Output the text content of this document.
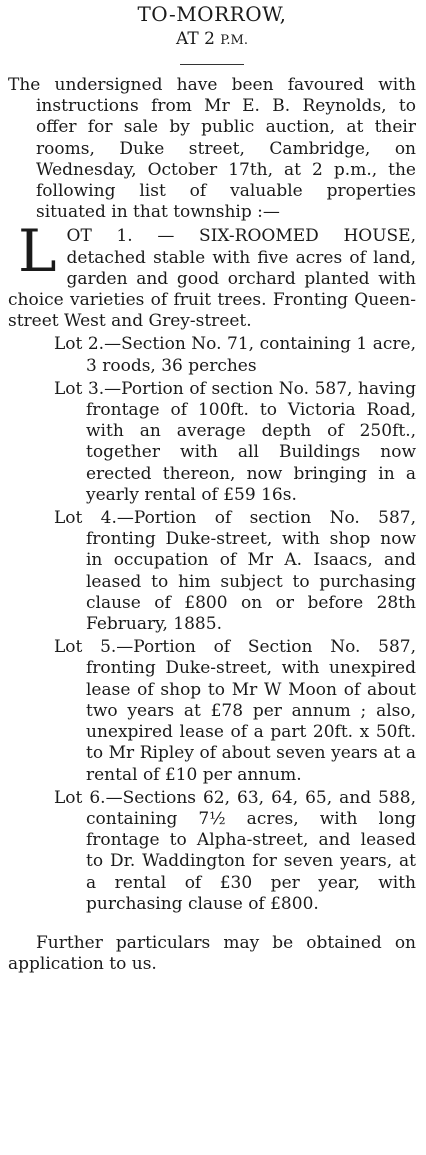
TO-MORROW,
AT 2 P.M.

The undersigned have been favoured with instructions from Mr E. B. Reynolds, to offer for sale by public auction, at their rooms, Duke street, Cambridge, on Wednesday, October 17th, at 2 p.m., the following list of valuable properties situated in that township :—

L OT 1. — SIX-ROOMED HOUSE, detached stable with five acres of land, garden and good orchard planted with choice varieties of fruit trees. Fronting Queen-street West and Grey-street.

Lot 2.—Section No. 71, containing 1 acre, 3 roods, 36 perches

Lot 3.—Portion of section No. 587, having frontage of 100ft. to Victoria Road, with an average depth of 250ft., together with all Buildings now erected thereon, now bringing in a yearly rental of £59 16s.

Lot 4.—Portion of section No. 587, fronting Duke-street, with shop now in occupation of Mr A. Isaacs, and leased to him subject to purchasing clause of £800 on or before 28th February, 1885.

Lot 5.—Portion of Section No. 587, fronting Duke-street, with unexpired lease of shop to Mr W Moon of about two years at £78 per annum ; also, unexpired lease of a part 20ft. x 50ft. to Mr Ripley of about seven years at a rental of £10 per annum.

Lot 6.—Sections 62, 63, 64, 65, and 588, containing 7½ acres, with long frontage to Alpha-street, and leased to Dr. Waddington for seven years, at a rental of £30 per year, with purchasing clause of £800.

Further particulars may be obtained on application to us.
